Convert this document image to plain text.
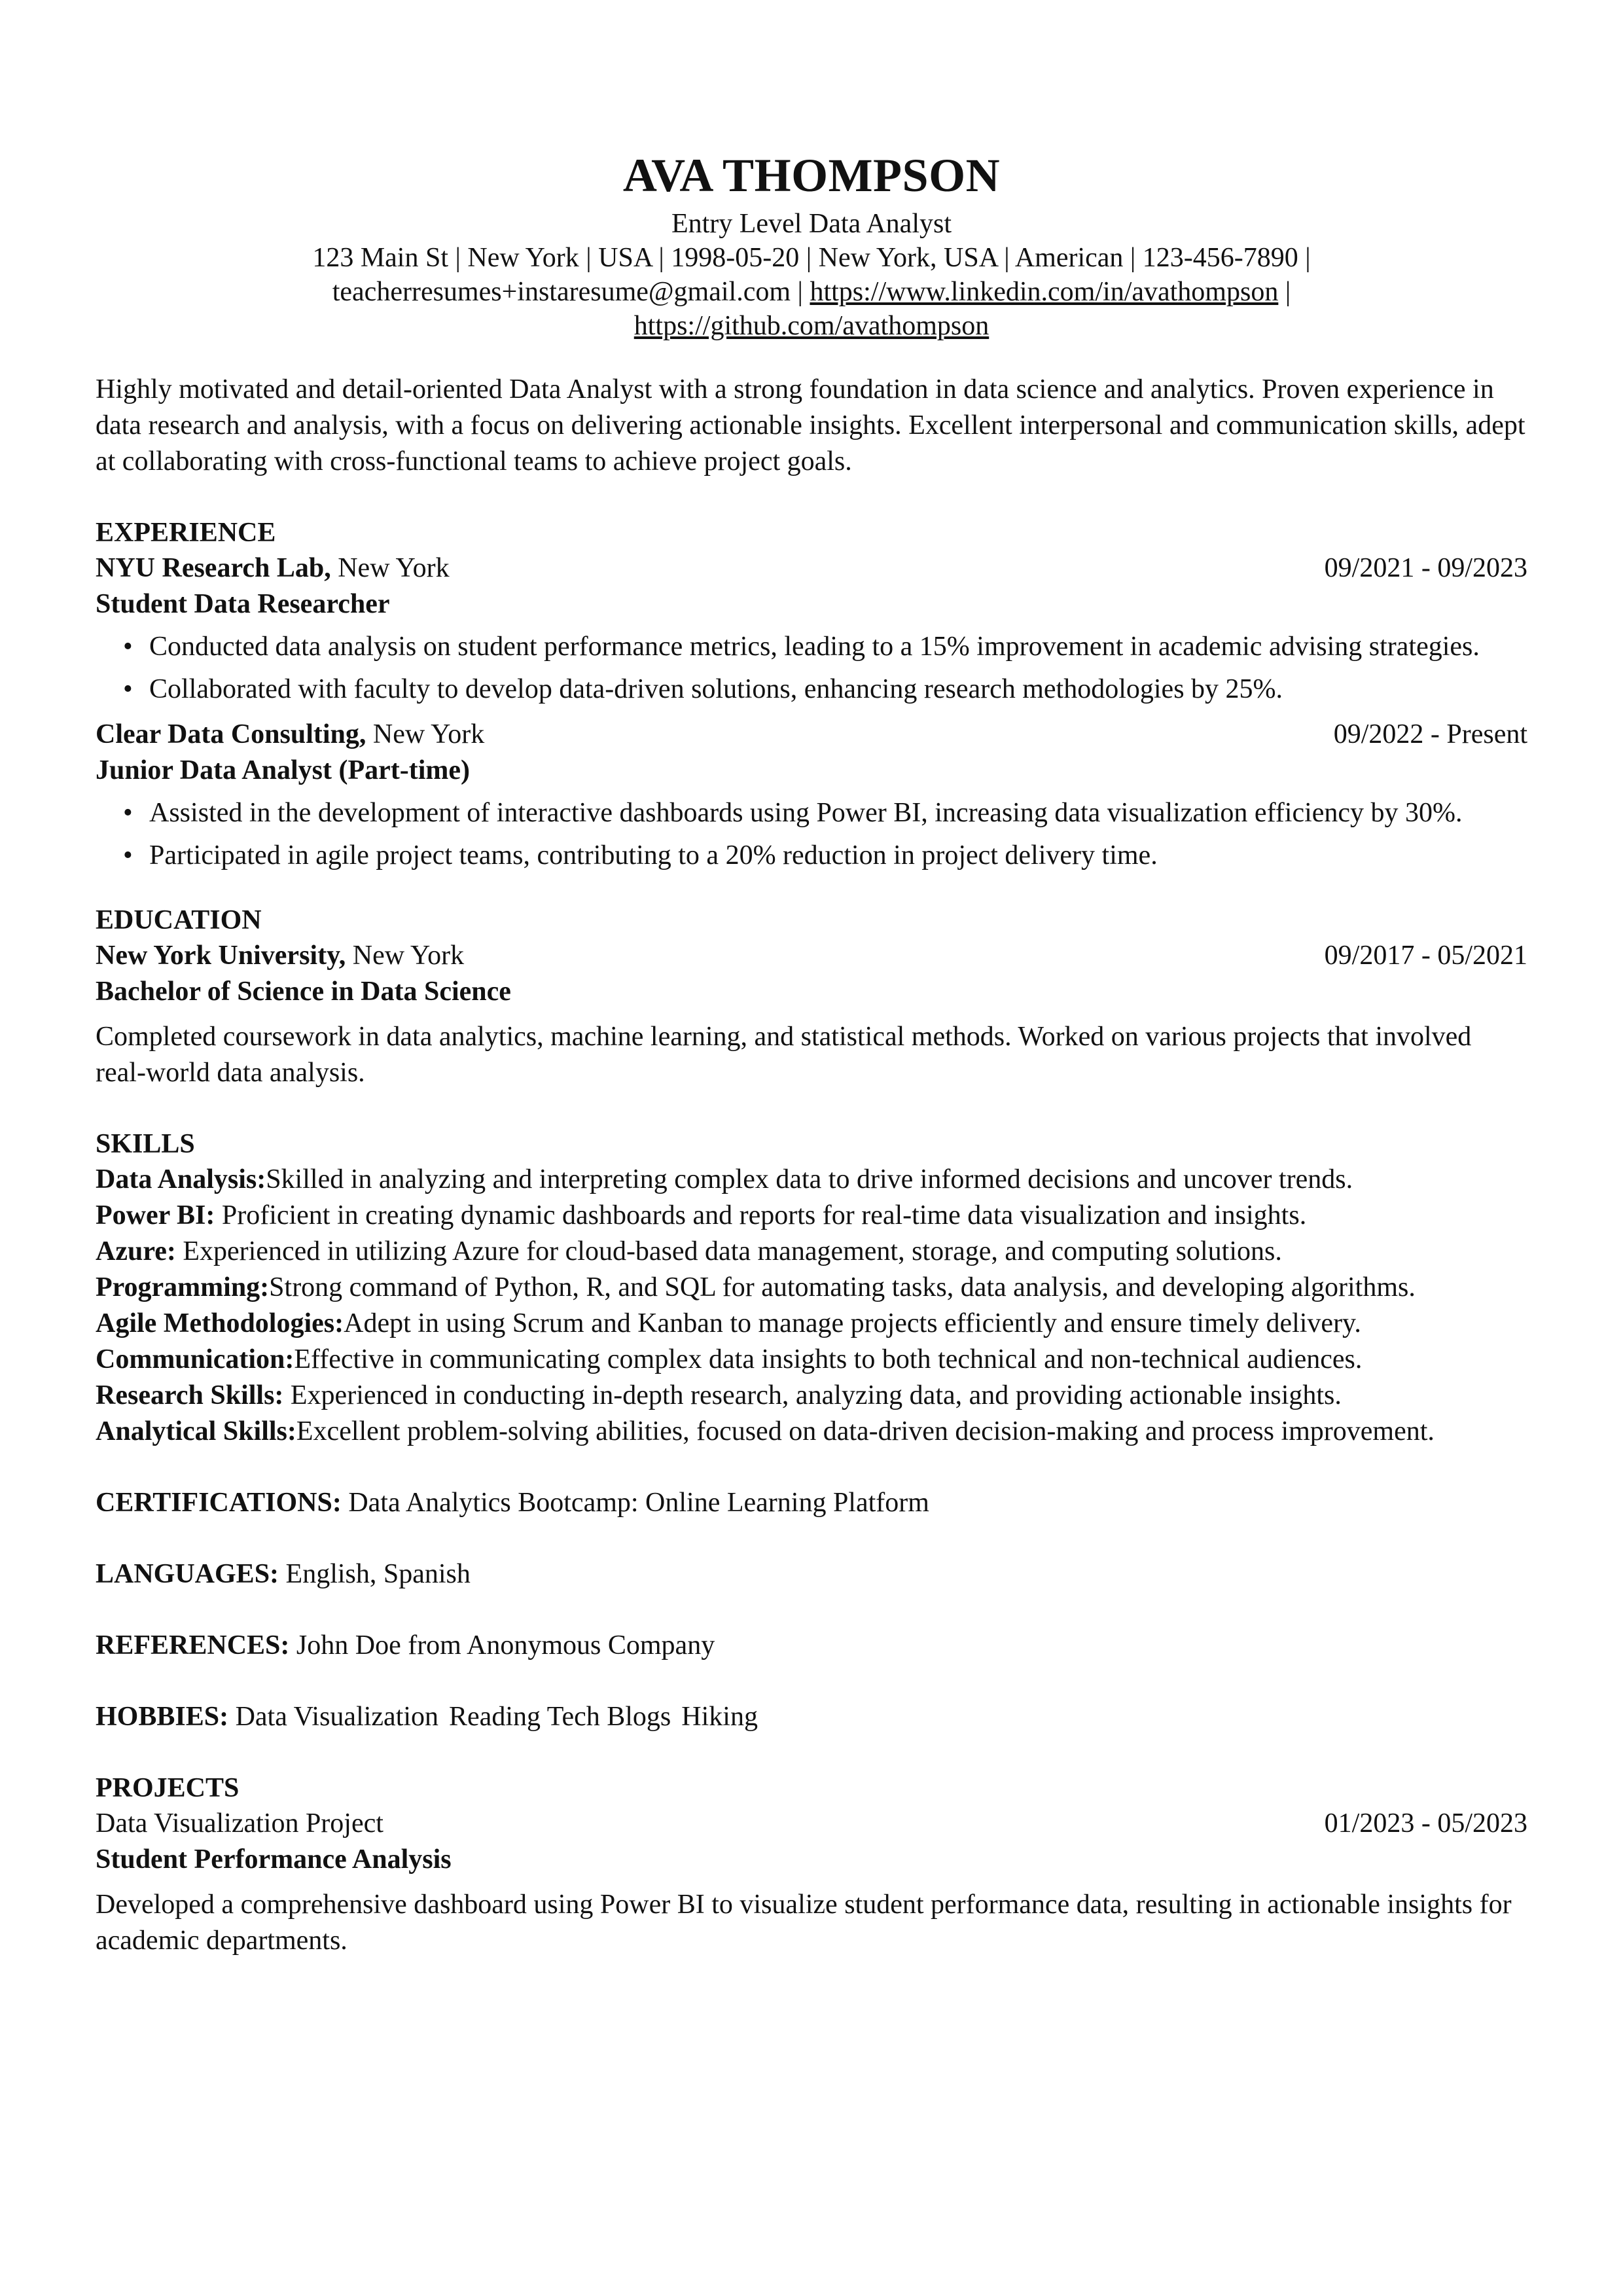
AVA THOMPSON
Entry Level Data Analyst
123 Main St | New York | USA | 1998-05-20 | New York, USA | American | 123-456-7890 |
teacherresumes+instaresume@gmail.com | https://www.linkedin.com/in/avathompson |
https://github.com/avathompson
Highly motivated and detail-oriented Data Analyst with a strong foundation in data science and analytics. Proven experience in data research and analysis, with a focus on delivering actionable insights. Excellent interpersonal and communication skills, adept at collaborating with cross-functional teams to achieve project goals.
EXPERIENCE
NYU Research Lab, New York	09/2021 - 09/2023
Student Data Researcher
• Conducted data analysis on student performance metrics, leading to a 15% improvement in academic advising strategies.
• Collaborated with faculty to develop data-driven solutions, enhancing research methodologies by 25%.
Clear Data Consulting, New York	09/2022 - Present
Junior Data Analyst (Part-time)
• Assisted in the development of interactive dashboards using Power BI, increasing data visualization efficiency by 30%.
• Participated in agile project teams, contributing to a 20% reduction in project delivery time.
EDUCATION
New York University, New York	09/2017 - 05/2021
Bachelor of Science in Data Science
Completed coursework in data analytics, machine learning, and statistical methods. Worked on various projects that involved real-world data analysis.
SKILLS
Data Analysis:Skilled in analyzing and interpreting complex data to drive informed decisions and uncover trends.
Power BI: Proficient in creating dynamic dashboards and reports for real-time data visualization and insights.
Azure: Experienced in utilizing Azure for cloud-based data management, storage, and computing solutions.
Programming:Strong command of Python, R, and SQL for automating tasks, data analysis, and developing algorithms.
Agile Methodologies:Adept in using Scrum and Kanban to manage projects efficiently and ensure timely delivery.
Communication:Effective in communicating complex data insights to both technical and non-technical audiences.
Research Skills: Experienced in conducting in-depth research, analyzing data, and providing actionable insights.
Analytical Skills:Excellent problem-solving abilities, focused on data-driven decision-making and process improvement.
CERTIFICATIONS: Data Analytics Bootcamp: Online Learning Platform
LANGUAGES: English, Spanish
REFERENCES: John Doe from Anonymous Company
HOBBIES: Data Visualization Reading Tech Blogs Hiking
PROJECTS
Data Visualization Project	01/2023 - 05/2023
Student Performance Analysis
Developed a comprehensive dashboard using Power BI to visualize student performance data, resulting in actionable insights for academic departments.
